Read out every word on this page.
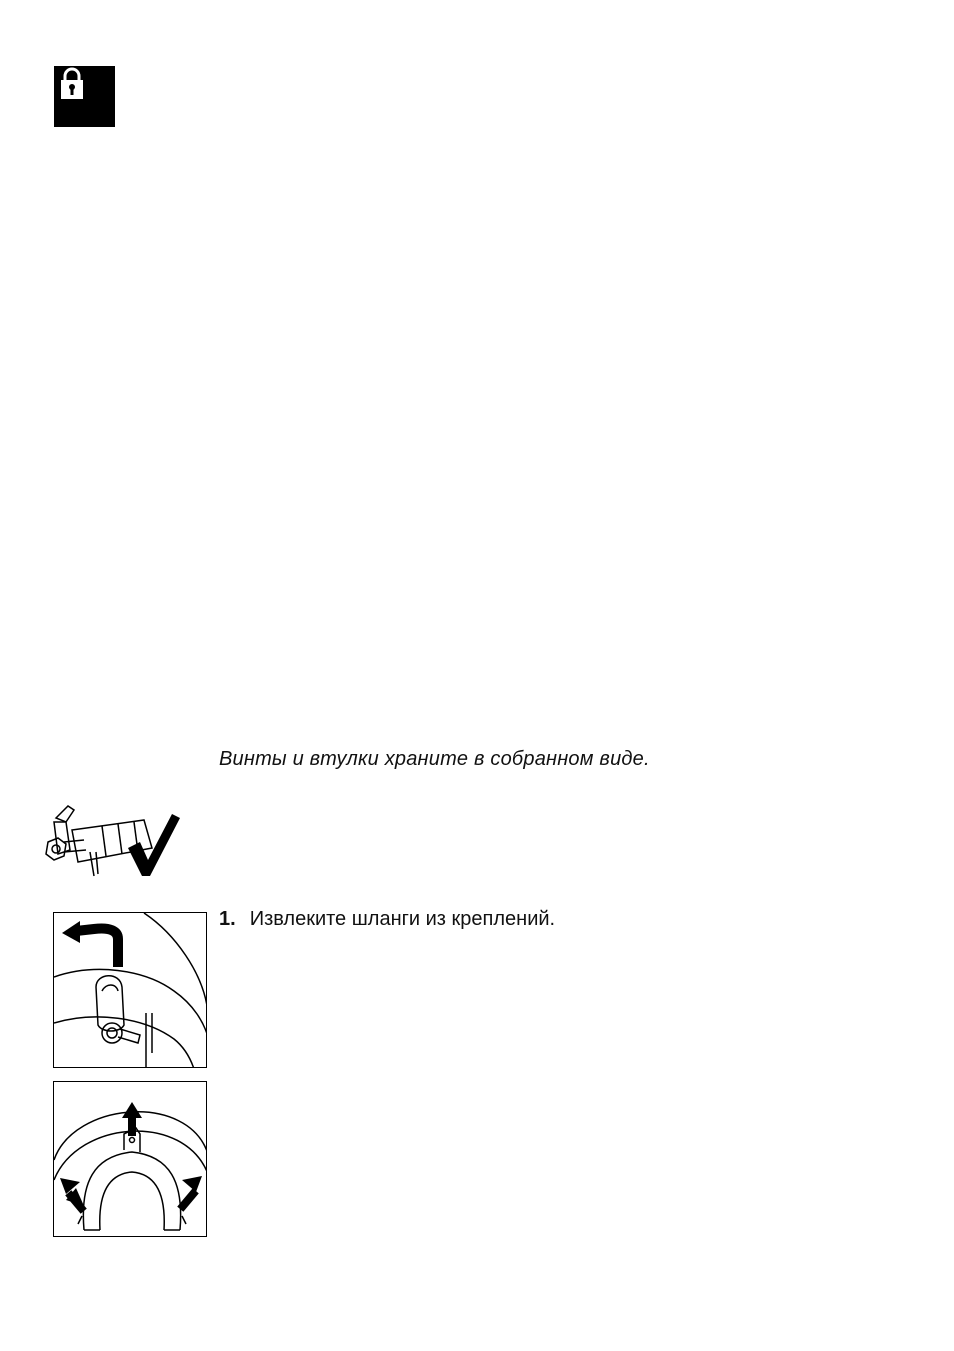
Винты и втулки храните в собранном виде.
1. Извлеките шланги из креплений.
